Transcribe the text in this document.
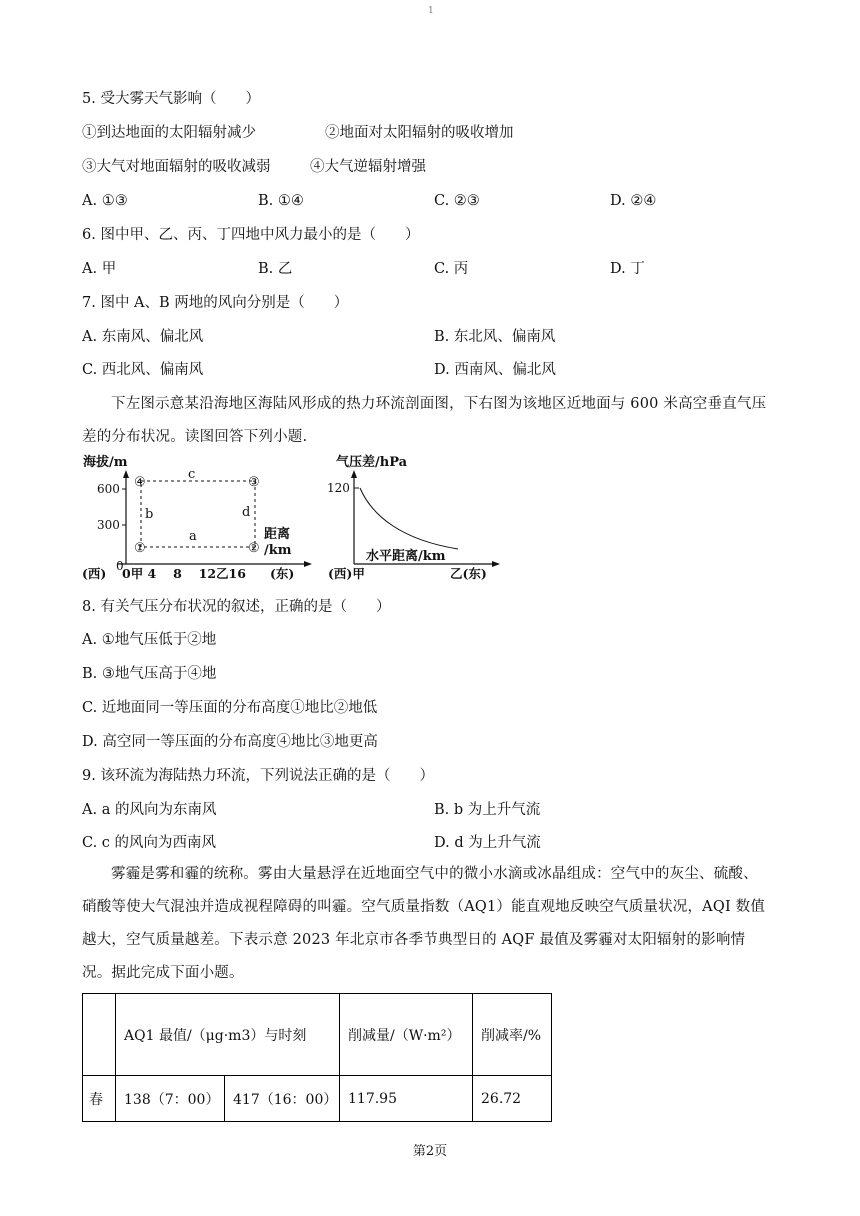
1
5. 受大雾天气影响（　　）
①到达地面的太阳辐射减少	②地面对太阳辐射的吸收增加
③大气对地面辐射的吸收减弱	④大气逆辐射增强
A. ①③	B. ①④	C. ②③	D. ②④
6. 图中甲、乙、丙、丁四地中风力最小的是（　　）
A. 甲	B. 乙	C. 丙	D. 丁
7. 图中 A、B 两地的风向分别是（　　）
A. 东南风、偏北风	B. 东北风、偏南风
C. 西北风、偏南风	D. 西南风、偏北风
下左图示意某沿海地区海陆风形成的热力环流剖面图，下右图为该地区近地面与 600 米高空垂直气压差的分布状况。读图回答下列小题.
海拔/m
600
300
0
④	③
①	②
c
b
a
d
距离
/km
(西) 0甲 4　 8　 12乙16 (东)
气压差/hPa
120
水平距离/km
(西)甲	乙(东)
8. 有关气压分布状况的叙述，正确的是（　　）
A. ①地气压低于②地
B. ③地气压高于④地
C. 近地面同一等压面的分布高度①地比②地低
D. 高空同一等压面的分布高度④地比③地更高
9. 该环流为海陆热力环流，下列说法正确的是（　　）
A. a 的风向为东南风	B. b 为上升气流
C. c 的风向为西南风	D. d 为上升气流
雾霾是雾和霾的统称。雾由大量悬浮在近地面空气中的微小水滴或冰晶组成：空气中的灰尘、硫酸、硝酸等使大气混浊并造成视程障碍的叫霾。空气质量指数（AQ1）能直观地反映空气质量状况，AQI 数值越大，空气质量越差。下表示意 2023 年北京市各季节典型日的 AQF 最值及雾霾对太阳辐射的影响情况。据此完成下面小题。
	AQ1 最值/（μg·m3）与时刻		削减量/（W·m²）	削减率/%
春	138（7：00）	417（16：00）	117.95	26.72
第2页
